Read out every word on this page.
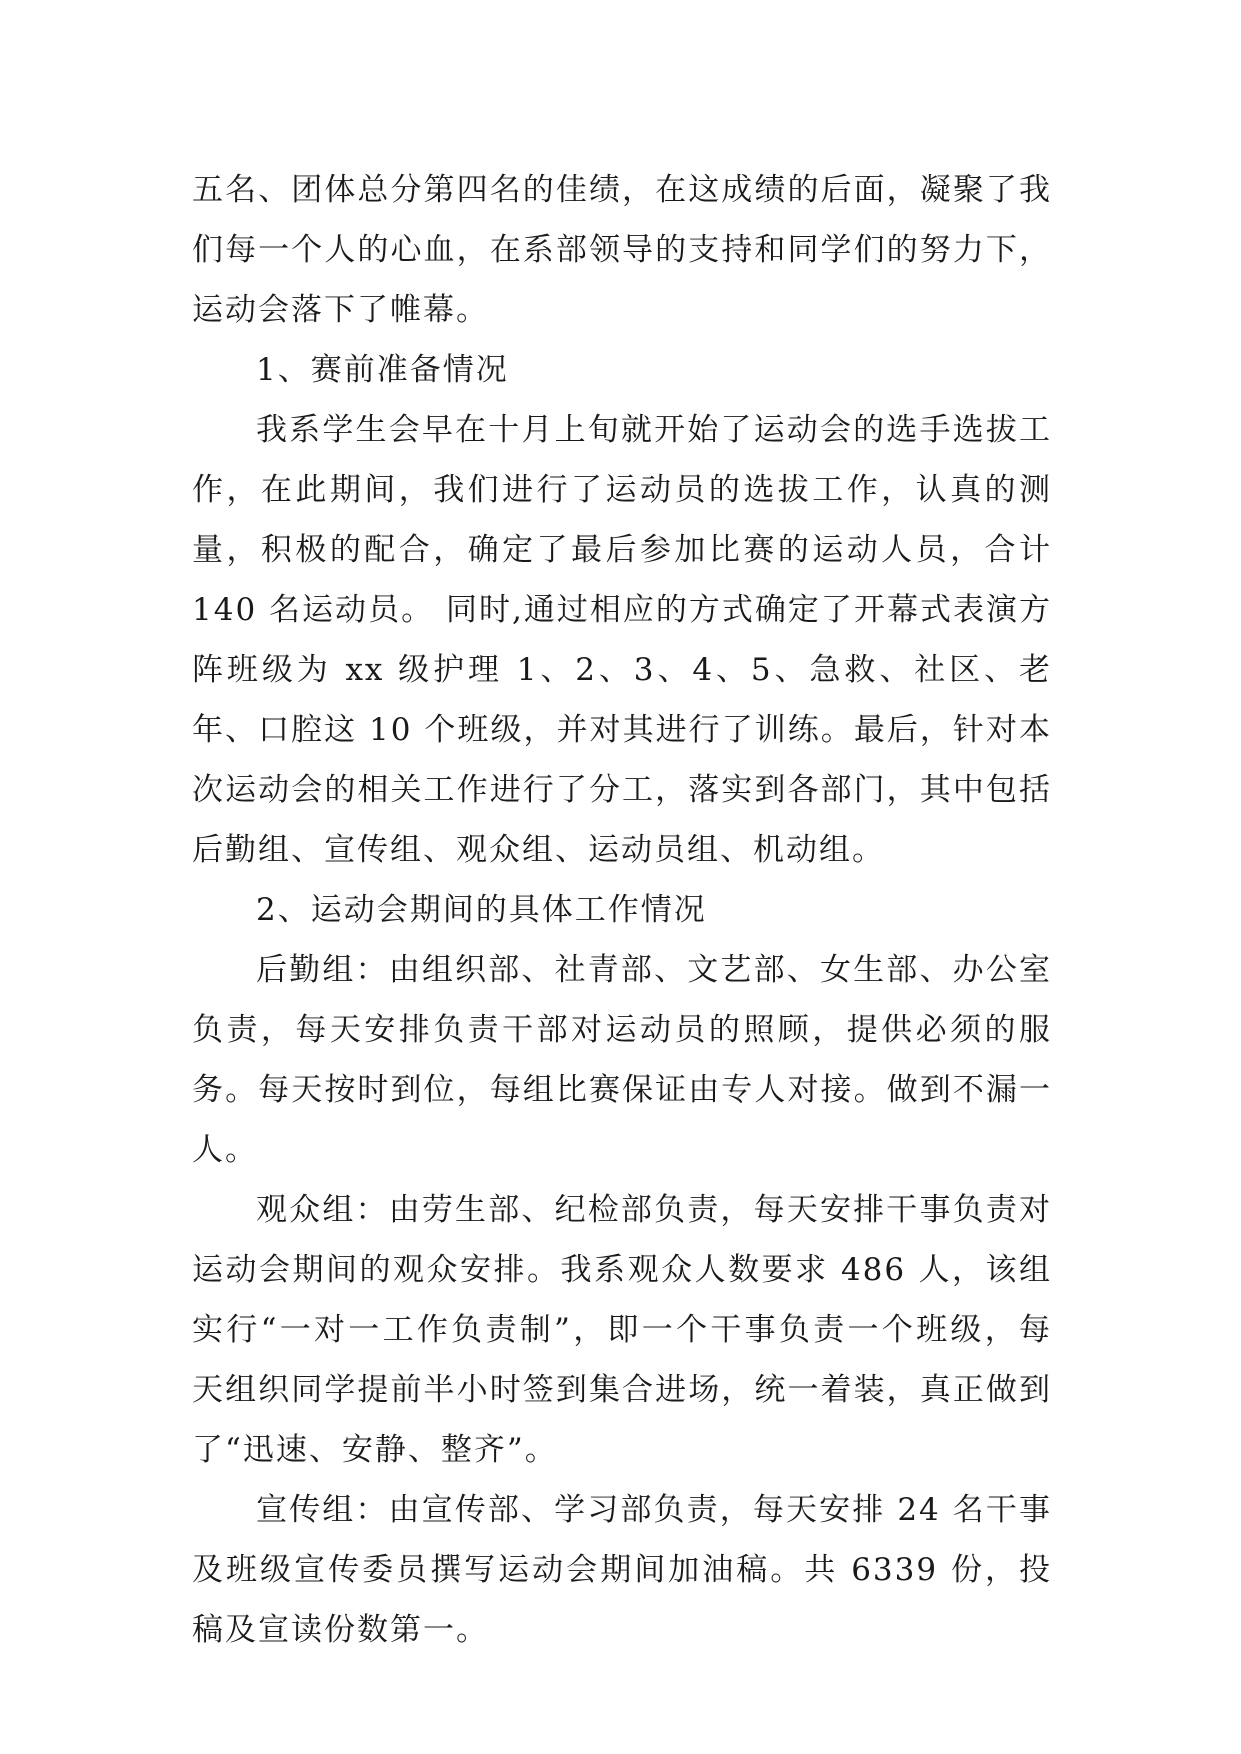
五名、团体总分第四名的佳绩，在这成绩的后面，凝聚了我们每一个人的心血，在系部领导的支持和同学们的努力下，运动会落下了帷幕。

1、赛前准备情况

我系学生会早在十月上旬就开始了运动会的选手选拔工作，在此期间，我们进行了运动员的选拔工作，认真的测量，积极的配合，确定了最后参加比赛的运动人员，合计 140 名运动员。 同时,通过相应的方式确定了开幕式表演方阵班级为 xx 级护理 1、2、3、4、5、急救、社区、老年、口腔这 10 个班级，并对其进行了训练。最后，针对本次运动会的相关工作进行了分工，落实到各部门，其中包括后勤组、宣传组、观众组、运动员组、机动组。

2、运动会期间的具体工作情况

后勤组：由组织部、社青部、文艺部、女生部、办公室负责，每天安排负责干部对运动员的照顾，提供必须的服务。每天按时到位，每组比赛保证由专人对接。做到不漏一人。

观众组：由劳生部、纪检部负责，每天安排干事负责对运动会期间的观众安排。我系观众人数要求 486 人，该组实行“一对一工作负责制”，即一个干事负责一个班级，每天组织同学提前半小时签到集合进场，统一着装，真正做到了“迅速、安静、整齐”。

宣传组：由宣传部、学习部负责，每天安排 24 名干事及班级宣传委员撰写运动会期间加油稿。共 6339 份，投稿及宣读份数第一。
